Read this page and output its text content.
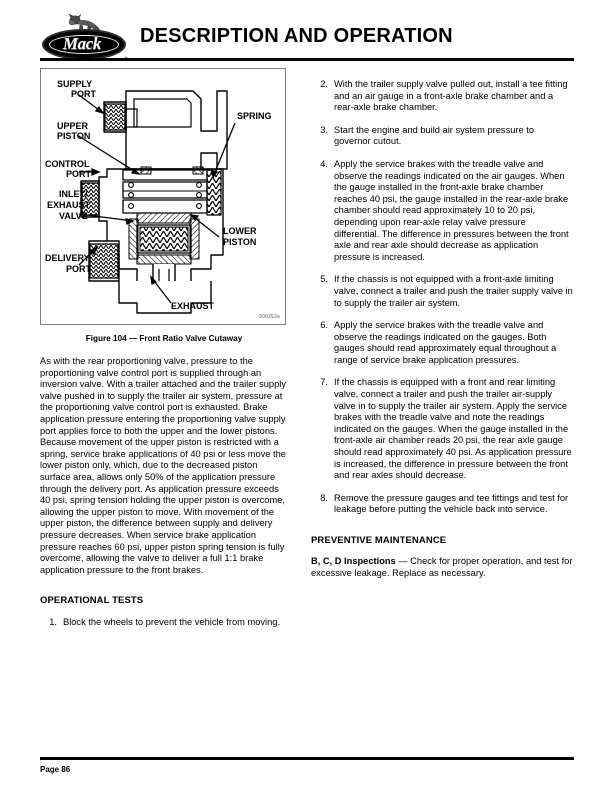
Mack	DESCRIPTION AND OPERATION
SUPPLY
PORT
UPPER
PISTON
CONTROL
PORT
INLET/
EXHAUST
VALVE
DELIVERY
PORT
SPRING
LOWER
PISTON
EXHAUST
500253a
Figure 104 — Front Ratio Valve Cutaway
As with the rear proportioning valve, pressure to the proportioning valve control port is supplied through an inversion valve. With a trailer attached and the trailer supply valve pushed in to supply the trailer air system, pressure at the proportioning valve control port is exhausted. Brake application pressure entering the proportioning valve supply port applies force to both the upper and the lower pistons. Because movement of the upper piston is restricted with a spring, service brake applications of 40 psi or less move the lower piston only, which, due to the decreased piston surface area, allows only 50% of the application pressure through the delivery port. As application pressure exceeds 40 psi, spring tension holding the upper piston is overcome, allowing the upper piston to move. With movement of the upper piston, the difference between supply and delivery pressure decreases. When service brake application pressure reaches 60 psi, upper piston spring tension is fully overcome, allowing the valve to deliver a full 1:1 brake application pressure to the front brakes.
OPERATIONAL TESTS
1. Block the wheels to prevent the vehicle from moving.
2. With the trailer supply valve pulled out, install a tee fitting and an air gauge in a front-axle brake chamber and a rear-axle brake chamber.
3. Start the engine and build air system pressure to governor cutout.
4. Apply the service brakes with the treadle valve and observe the readings indicated on the air gauges. When the gauge installed in the front-axle brake chamber reaches 40 psi, the gauge installed in the rear-axle brake chamber should read approximately 10 to 20 psi, depending upon rear-axle relay valve pressure differential. The difference in pressures between the front axle and rear axle should decrease as application pressure is increased.
5. If the chassis is not equipped with a front-axle limiting valve, connect a trailer and push the trailer supply valve in to supply the trailer air system.
6. Apply the service brakes with the treadle valve and observe the readings indicated on the gauges. Both gauges should read approximately equal throughout a range of service brake application pressures.
7. If the chassis is equipped with a front and rear limiting valve, connect a trailer and push the trailer air-supply valve in to supply the trailer air system. Apply the service brakes with the treadle valve and note the readings indicated on the gauges. When the gauge installed in the front-axle air chamber reads 20 psi, the rear axle gauge should read approximately 40 psi. As application pressure is increased, the difference in pressure between the front and rear axles should decrease.
8. Remove the pressure gauges and tee fittings and test for leakage before putting the vehicle back into service.
PREVENTIVE MAINTENANCE
B, C, D Inspections — Check for proper operation, and test for excessive leakage. Replace as necessary.
Page 86
